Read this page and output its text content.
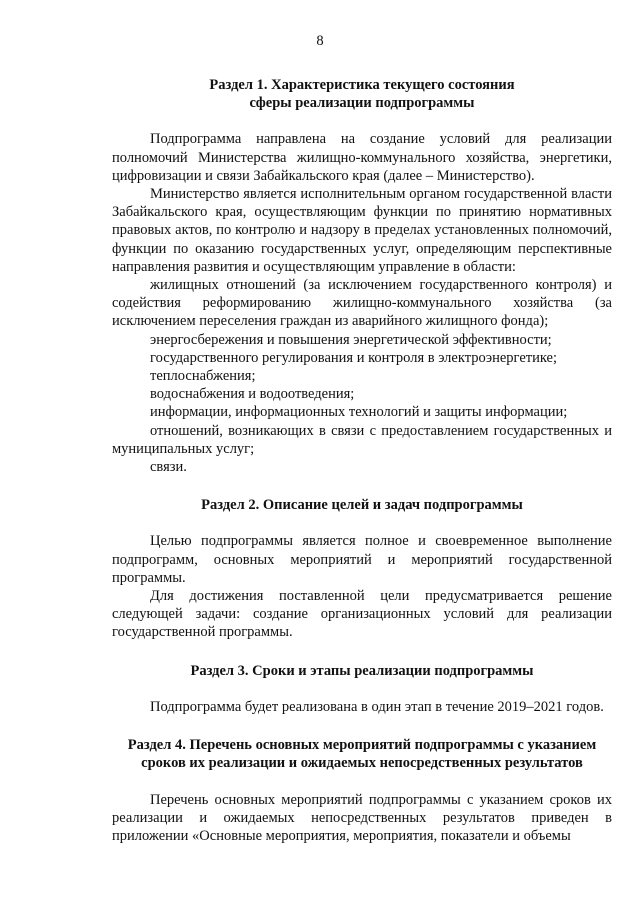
8
Раздел 1. Характеристика текущего состояния
сферы реализации подпрограммы

Подпрограмма направлена на создание условий для реализации полномочий Министерства жилищно-коммунального хозяйства, энергетики, цифровизации и связи Забайкальского края (далее – Министерство).

Министерство является исполнительным органом государственной власти Забайкальского края, осуществляющим функции по принятию нормативных правовых актов, по контролю и надзору в пределах установленных полномочий, функции по оказанию государственных услуг, определяющим перспективные направления развития и осуществляющим управление в области:

жилищных отношений (за исключением государственного контроля) и содействия реформированию жилищно-коммунального хозяйства (за исключением переселения граждан из аварийного жилищного фонда);

энергосбережения и повышения энергетической эффективности;

государственного регулирования и контроля в электроэнергетике;

теплоснабжения;

водоснабжения и водоотведения;

информации, информационных технологий и защиты информации;

отношений, возникающих в связи с предоставлением государственных и муниципальных услуг;

связи.

Раздел 2. Описание целей и задач подпрограммы

Целью подпрограммы является полное и своевременное выполнение подпрограмм, основных мероприятий и мероприятий государственной программы.

Для достижения поставленной цели предусматривается решение следующей задачи: создание организационных условий для реализации государственной программы.

Раздел 3. Сроки и этапы реализации подпрограммы

Подпрограмма будет реализована в один этап в течение 2019–2021 годов.

Раздел 4. Перечень основных мероприятий подпрограммы с указанием
сроков их реализации и ожидаемых непосредственных результатов

Перечень основных мероприятий подпрограммы с указанием сроков их реализации и ожидаемых непосредственных результатов приведен в приложении «Основные мероприятия, мероприятия, показатели и объемы
